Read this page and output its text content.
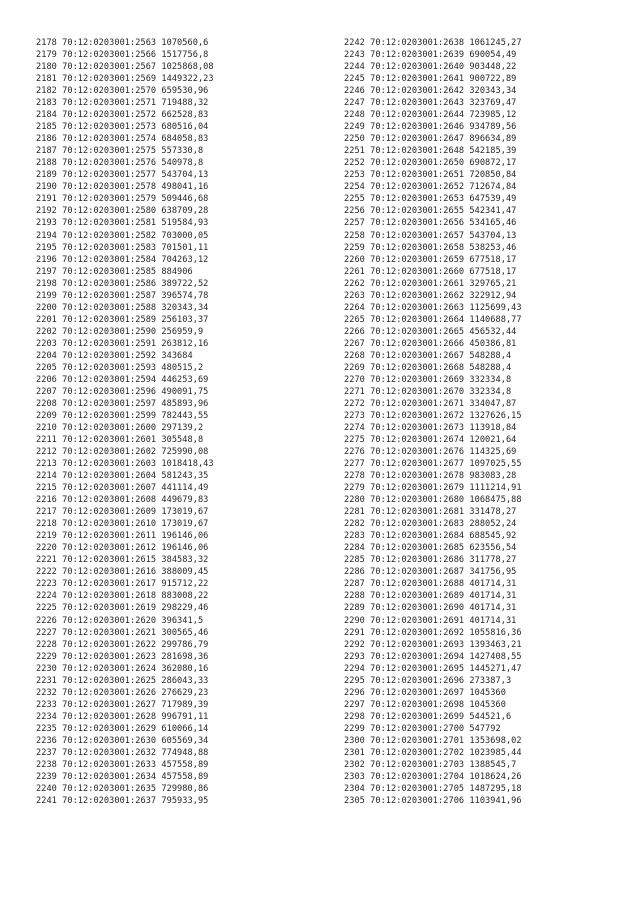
2178 70:12:0203001:2563 1070560,6
2179 70:12:0203001:2566 1517756,8
2180 70:12:0203001:2567 1025868,08
2181 70:12:0203001:2569 1449322,23
2182 70:12:0203001:2570 659530,96
2183 70:12:0203001:2571 719488,32
2184 70:12:0203001:2572 662528,83
2185 70:12:0203001:2573 680516,04
2186 70:12:0203001:2574 684058,83
2187 70:12:0203001:2575 557330,8
2188 70:12:0203001:2576 540978,8
2189 70:12:0203001:2577 543704,13
2190 70:12:0203001:2578 498041,16
2191 70:12:0203001:2579 509446,68
2192 70:12:0203001:2580 638709,28
2193 70:12:0203001:2581 519584,93
2194 70:12:0203001:2582 703000,05
2195 70:12:0203001:2583 701501,11
2196 70:12:0203001:2584 704263,12
2197 70:12:0203001:2585 884906
2198 70:12:0203001:2586 389722,52
2199 70:12:0203001:2587 396574,78
2200 70:12:0203001:2588 320343,34
2201 70:12:0203001:2589 256103,37
2202 70:12:0203001:2590 256959,9
2203 70:12:0203001:2591 263812,16
2204 70:12:0203001:2592 343684
2205 70:12:0203001:2593 480515,2
2206 70:12:0203001:2594 446253,69
2207 70:12:0203001:2596 490091,75
2208 70:12:0203001:2597 485893,96
2209 70:12:0203001:2599 782443,55
2210 70:12:0203001:2600 297139,2
2211 70:12:0203001:2601 305548,8
2212 70:12:0203001:2602 725990,08
2213 70:12:0203001:2603 1018418,43
2214 70:12:0203001:2604 581243,35
2215 70:12:0203001:2607 441114,49
2216 70:12:0203001:2608 449679,83
2217 70:12:0203001:2609 173019,67
2218 70:12:0203001:2610 173019,67
2219 70:12:0203001:2611 196146,06
2220 70:12:0203001:2612 196146,06
2221 70:12:0203001:2615 384583,32
2222 70:12:0203001:2616 388009,45
2223 70:12:0203001:2617 915712,22
2224 70:12:0203001:2618 883008,22
2225 70:12:0203001:2619 298229,46
2226 70:12:0203001:2620 396341,5
2227 70:12:0203001:2621 300565,46
2228 70:12:0203001:2622 299786,79
2229 70:12:0203001:2623 281698,36
2230 70:12:0203001:2624 362080,16
2231 70:12:0203001:2625 286043,33
2232 70:12:0203001:2626 276629,23
2233 70:12:0203001:2627 717989,39
2234 70:12:0203001:2628 996791,11
2235 70:12:0203001:2629 610066,14
2236 70:12:0203001:2630 605569,34
2237 70:12:0203001:2632 774948,88
2238 70:12:0203001:2633 457558,89
2239 70:12:0203001:2634 457558,89
2240 70:12:0203001:2635 729980,86
2241 70:12:0203001:2637 795933,95
2242 70:12:0203001:2638 1061245,27
2243 70:12:0203001:2639 690054,49
2244 70:12:0203001:2640 903448,22
2245 70:12:0203001:2641 900722,89
2246 70:12:0203001:2642 320343,34
2247 70:12:0203001:2643 323769,47
2248 70:12:0203001:2644 723985,12
2249 70:12:0203001:2646 934789,56
2250 70:12:0203001:2647 896634,89
2251 70:12:0203001:2648 542185,39
2252 70:12:0203001:2650 690872,17
2253 70:12:0203001:2651 720850,84
2254 70:12:0203001:2652 712674,84
2255 70:12:0203001:2653 647539,49
2256 70:12:0203001:2655 542341,47
2257 70:12:0203001:2656 534165,46
2258 70:12:0203001:2657 543704,13
2259 70:12:0203001:2658 538253,46
2260 70:12:0203001:2659 677518,17
2261 70:12:0203001:2660 677518,17
2262 70:12:0203001:2661 329765,21
2263 70:12:0203001:2662 322912,94
2264 70:12:0203001:2663 1125699,43
2265 70:12:0203001:2664 1140688,77
2266 70:12:0203001:2665 456532,44
2267 70:12:0203001:2666 450386,81
2268 70:12:0203001:2667 548288,4
2269 70:12:0203001:2668 548288,4
2270 70:12:0203001:2669 332334,8
2271 70:12:0203001:2670 332334,8
2272 70:12:0203001:2671 334047,87
2273 70:12:0203001:2672 1327626,15
2274 70:12:0203001:2673 113918,84
2275 70:12:0203001:2674 120021,64
2276 70:12:0203001:2676 114325,69
2277 70:12:0203001:2677 1097025,55
2278 70:12:0203001:2678 983083,28
2279 70:12:0203001:2679 1111214,91
2280 70:12:0203001:2680 1068475,88
2281 70:12:0203001:2681 331478,27
2282 70:12:0203001:2683 288052,24
2283 70:12:0203001:2684 688545,92
2284 70:12:0203001:2685 623556,54
2285 70:12:0203001:2686 311778,27
2286 70:12:0203001:2687 341756,95
2287 70:12:0203001:2688 401714,31
2288 70:12:0203001:2689 401714,31
2289 70:12:0203001:2690 401714,31
2290 70:12:0203001:2691 401714,31
2291 70:12:0203001:2692 1055816,36
2292 70:12:0203001:2693 1393463,21
2293 70:12:0203001:2694 1427408,55
2294 70:12:0203001:2695 1445271,47
2295 70:12:0203001:2696 273387,3
2296 70:12:0203001:2697 1045360
2297 70:12:0203001:2698 1045360
2298 70:12:0203001:2699 544521,6
2299 70:12:0203001:2700 547792
2300 70:12:0203001:2701 1353698,02
2301 70:12:0203001:2702 1023985,44
2302 70:12:0203001:2703 1388545,7
2303 70:12:0203001:2704 1018624,26
2304 70:12:0203001:2705 1487295,18
2305 70:12:0203001:2706 1103941,96
